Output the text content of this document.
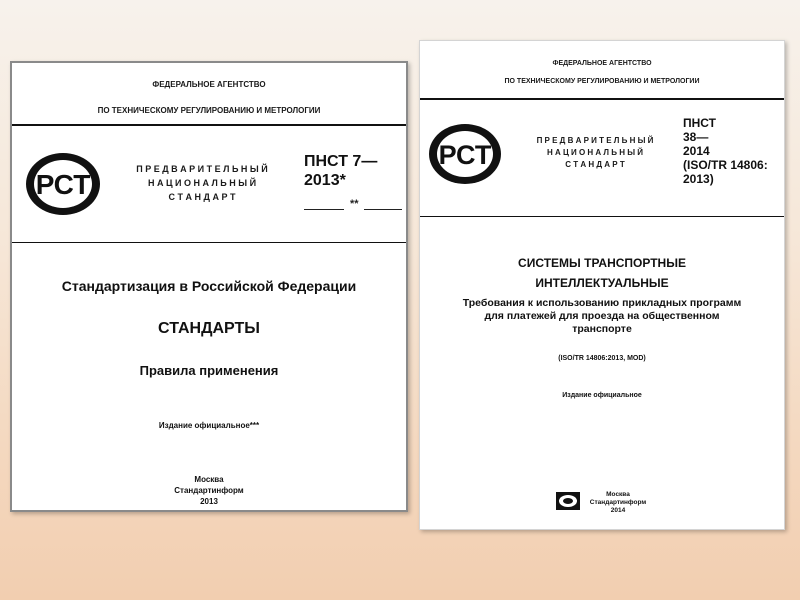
ФЕДЕРАЛЬНОЕ АГЕНТСТВО
ПО ТЕХНИЧЕСКОМУ РЕГУЛИРОВАНИЮ И МЕТРОЛОГИИ
РСТ	П Р Е Д В А Р И Т Е Л Ь Н Ы Й
Н А Ц И О Н А Л Ь Н Ы Й
С Т А Н Д А Р Т
ПНСТ 7—
2013*
**
Стандартизация в Российской Федерации
СТАНДАРТЫ
Правила применения
Издание официальное***
Москва
Стандартинформ
2013
ФЕДЕРАЛЬНОЕ АГЕНТСТВО
ПО ТЕХНИЧЕСКОМУ РЕГУЛИРОВАНИЮ И МЕТРОЛОГИИ
РСТ	П Р Е Д В А Р И Т Е Л Ь Н Ы Й
Н А Ц И О Н А Л Ь Н Ы Й
С Т А Н Д А Р Т
ПНСТ
38—
2014
(ISO/TR 14806:
2013)
СИСТЕМЫ ТРАНСПОРТНЫЕ
ИНТЕЛЛЕКТУАЛЬНЫЕ
Требования к использованию прикладных программ
для платежей для проезда на общественном
транспорте
(ISO/TR 14806:2013, MOD)
Издание официальное
Москва
Стандартинформ
2014
